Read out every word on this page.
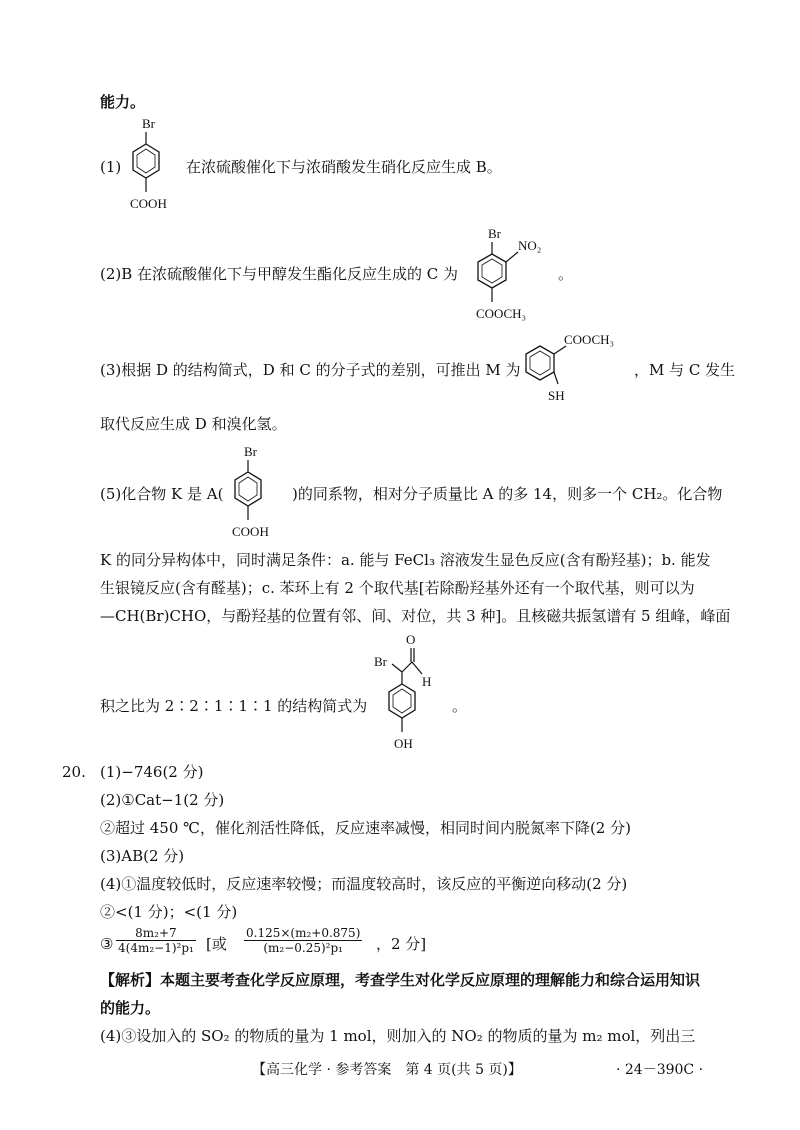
能力。
(1)
Br
COOH
在浓硫酸催化下与浓硝酸发生硝化反应生成 B。
(2)B 在浓硫酸催化下与甲醇发生酯化反应生成的 C 为
Br
NO₂
COOCH₃
。
(3)根据 D 的结构简式，D 和 C 的分子式的差别，可推出 M 为
COOCH₃
SH
，M 与 C 发生
取代反应生成 D 和溴化氢。
(5)化合物 K 是 A(
Br
COOH
)的同系物，相对分子质量比 A 的多 14，则多一个 CH₂。化合物
K 的同分异构体中，同时满足条件：a. 能与 FeCl₃ 溶液发生显色反应(含有酚羟基)；b. 能发
生银镜反应(含有醛基)；c. 苯环上有 2 个取代基[若除酚羟基外还有一个取代基，则可以为
—CH(Br)CHO，与酚羟基的位置有邻、间、对位，共 3 种]。且核磁共振氢谱有 5 组峰，峰面
积之比为 2∶2∶1∶1∶1 的结构简式为
O
Br
H
OH
。
20. (1)−746(2 分)
(2)①Cat−1(2 分)
②超过 450 ℃，催化剂活性降低，反应速率减慢，相同时间内脱氮率下降(2 分)
(3)AB(2 分)
(4)①温度较低时，反应速率较慢；而温度较高时，该反应的平衡逆向移动(2 分)
②<(1 分)；<(1 分)
③ $\frac{\text{8m₂+7}}{\text{4(4m₂−1)²p₁}}$ [或 $\frac{\text{0.125×(m₂+0.875)}}{\text{(m₂−0.25)²p₁}}$ ，2 分]
【解析】本题主要考查化学反应原理，考查学生对化学反应原理的理解能力和综合运用知识
的能力。
(4)③设加入的 SO₂ 的物质的量为 1 mol，则加入的 NO₂ 的物质的量为 m₂ mol，列出三
【高三化学 · 参考答案　第 4 页(共 5 页)】	· 24－390C ·
